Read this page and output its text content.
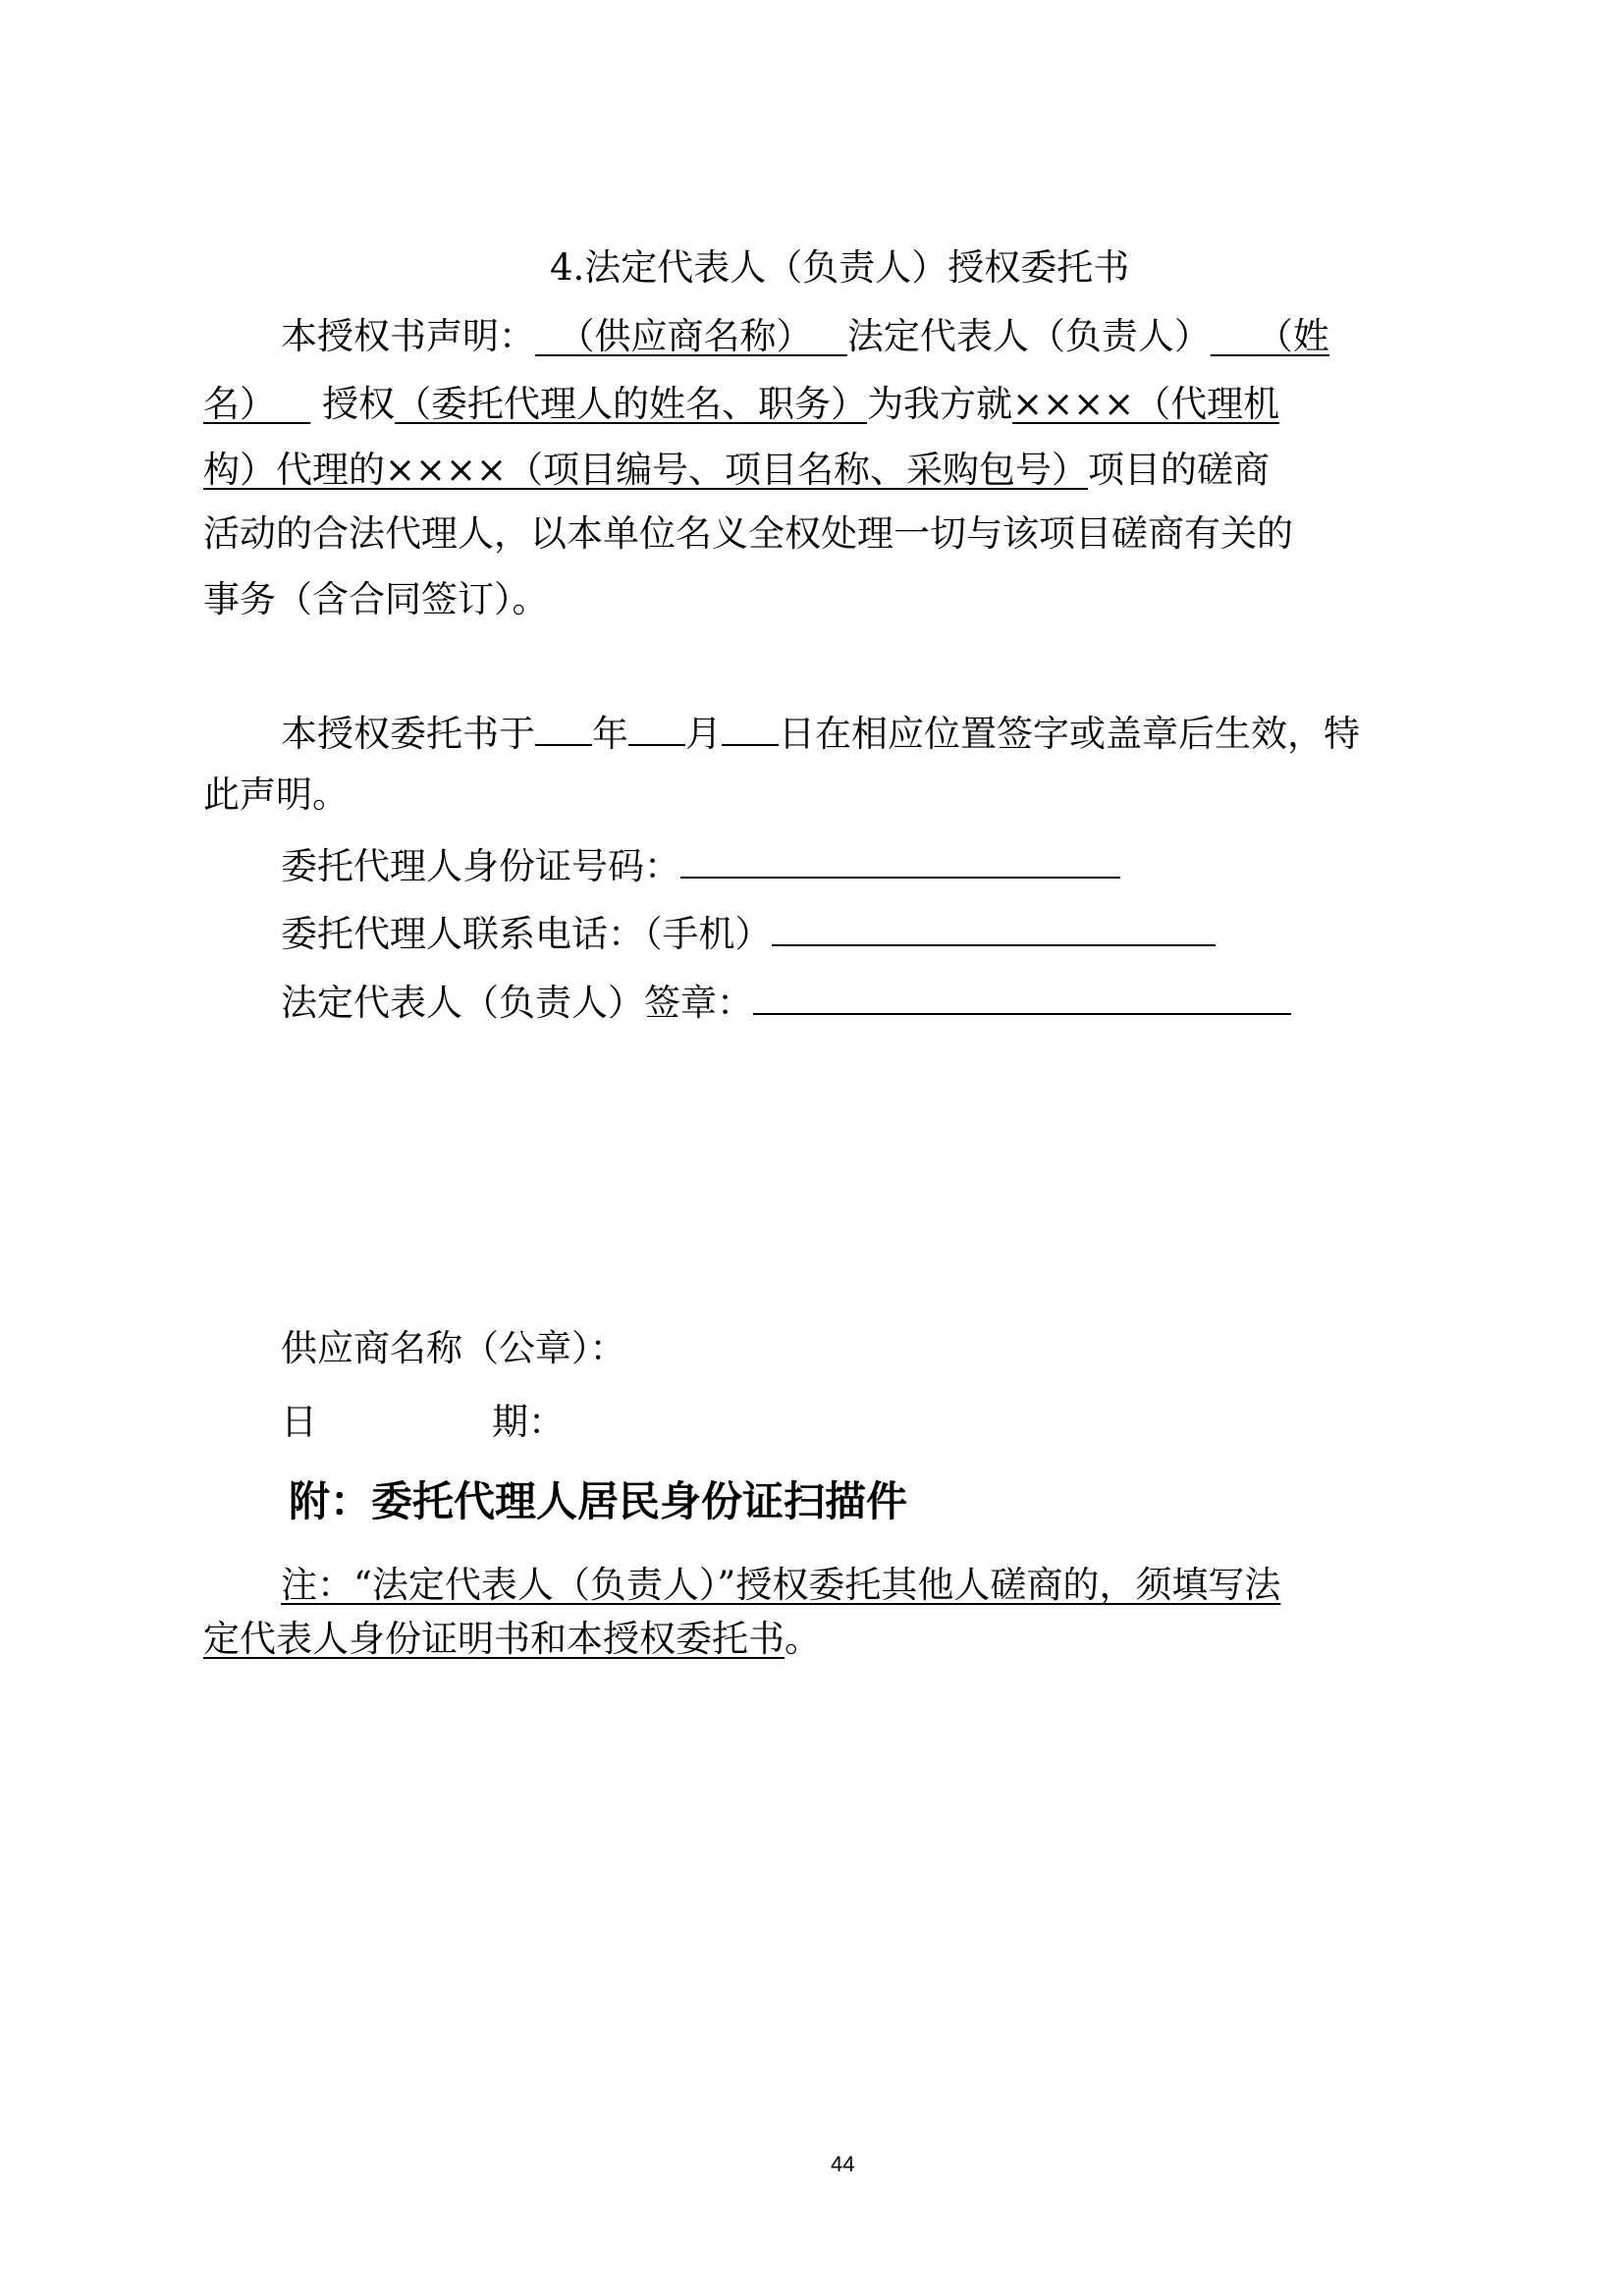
4.法定代表人（负责人）授权委托书
本授权书声明： （供应商名称） 法定代表人（负责人） （姓
名） 授权（委托代理人的姓名、职务）为我方就××××（代理机
构）代理的××××（项目编号、项目名称、采购包号）项目的磋商
活动的合法代理人，以本单位名义全权处理一切与该项目磋商有关的
事务（含合同签订）。
本授权委托书于 年 月 日在相应位置签字或盖章后生效，特
此声明。
委托代理人身份证号码：
委托代理人联系电话：（手机）
法定代表人（负责人）签章：
供应商名称（公章）：
日	期：
附：委托代理人居民身份证扫描件
注：“法定代表人（负责人）”授权委托其他人磋商的，须填写法
定代表人身份证明书和本授权委托书。
44
